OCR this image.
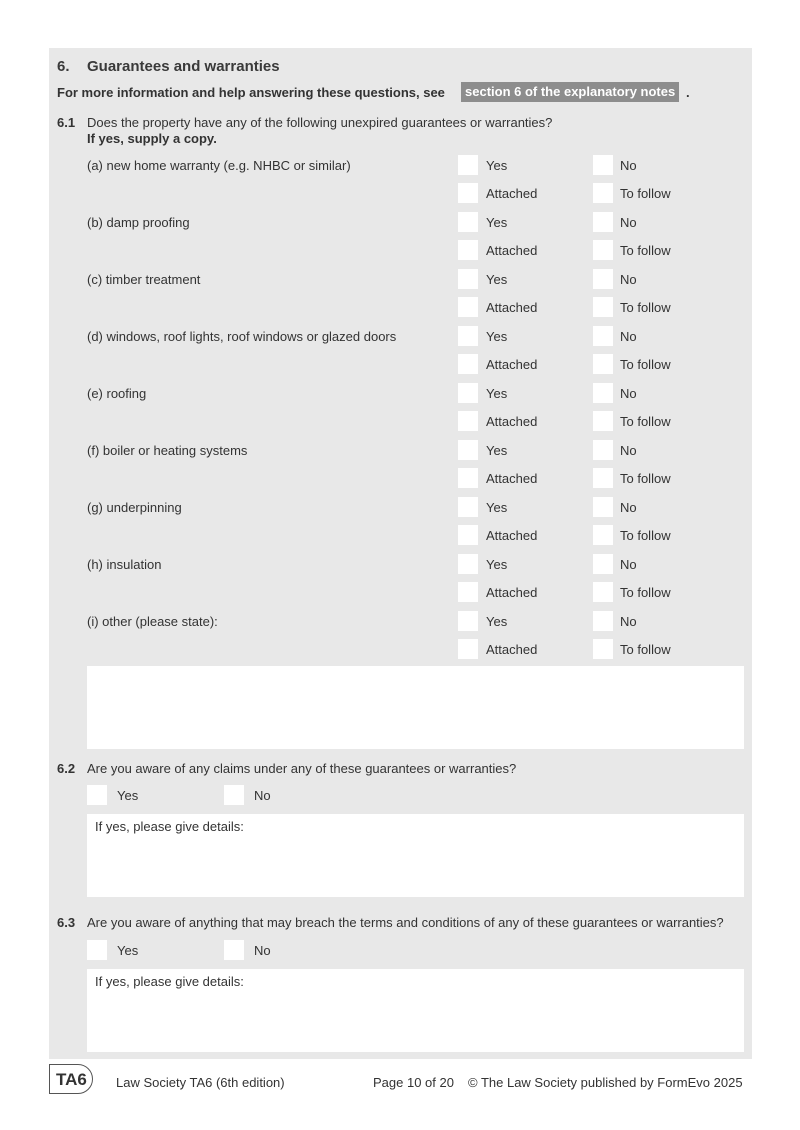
6. Guarantees and warranties
For more information and help answering these questions, see	section 6 of the explanatory notes .
6.1 Does the property have any of the following unexpired guarantees or warranties?
If yes, supply a copy.
(a) new home warranty (e.g. NHBC or similar)	Yes	No
Attached	To follow
(b) damp proofing	Yes	No
Attached	To follow
(c) timber treatment	Yes	No
Attached	To follow
(d) windows, roof lights, roof windows or glazed doors	Yes	No
Attached	To follow
(e) roofing	Yes	No
Attached	To follow
(f) boiler or heating systems	Yes	No
Attached	To follow
(g) underpinning	Yes	No
Attached	To follow
(h) insulation	Yes	No
Attached	To follow
(i) other (please state):	Yes	No
Attached	To follow
6.2 Are you aware of any claims under any of these guarantees or warranties?
Yes	No
If yes, please give details:
6.3 Are you aware of anything that may breach the terms and conditions of any of these guarantees or warranties?
Yes	No
If yes, please give details:
TA6	Law Society TA6 (6th edition)	Page 10 of 20 © The Law Society published by FormEvo 2025
